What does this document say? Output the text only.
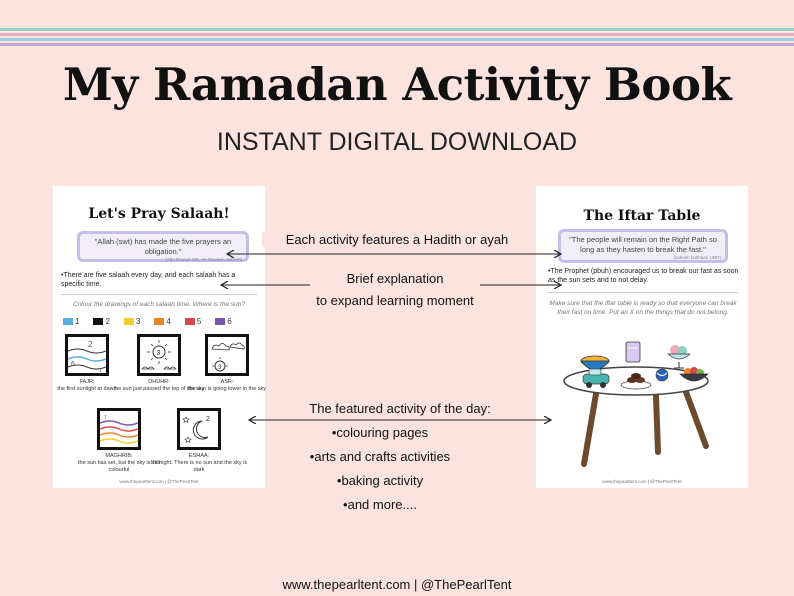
My Ramadan Activity Book
INSTANT DIGITAL DOWNLOAD
Let's Pray Salaah!
"Allah (swt) has made the five prayers an obligation."
[Abu Dawud 425, an-Nawawi, saheeh]
•There are five salaah every day, and each salaah has a specific time.
Colour the drawings of each salaah time. Where is the sun?
1	2	3	4	5	6
2
6
1
3
3
FAJR:
the first sunlight at dawn
DHUHR:
the sun just passed the top of the sky
ASR:
the sun is going lower in the sky
7	2
MAGHRIB:
the sun has set, but the sky is still colourful
ESHAA:
It's night. There is no sun and the sky is dark
www.thepearltent.com | @ThePearlTent
The Iftar Table
"The people will remain on the Right Path so long as they hasten to break the fast."
(saheeh bukhaari 1957)
•The Prophet (pbuh) encouraged us to break our fast as soon as the sun sets and to not delay.
Make sure that the iftar table is ready so that everyone can break their fast on time. Put an X on the things that do not belong.
www.thepearltent.com | @ThePearlTent
Each activity features a Hadith or ayah
Brief explanation
to expand learning moment
The featured activity of the day:
•colouring pages
•arts and crafts activities
•baking activity
•and more....
www.thepearltent.com | @ThePearlTent
